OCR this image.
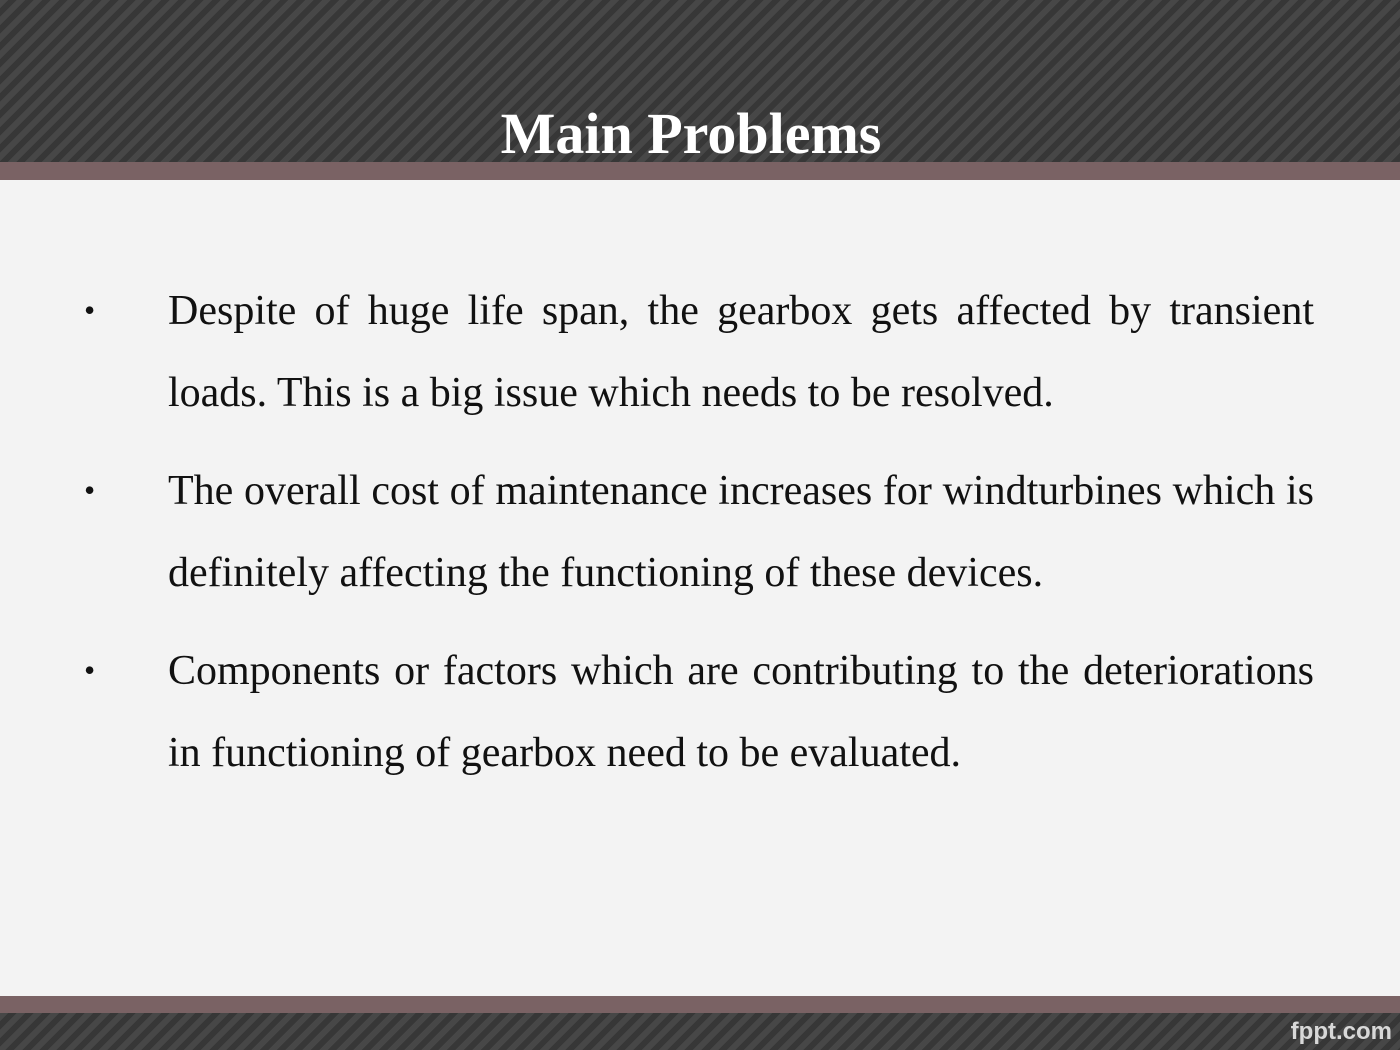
Main Problems
• Despite of huge life span, the gearbox gets affected by transient loads. This is a big issue which needs to be resolved.
• The overall cost of maintenance increases for windturbines which is definitely affecting the functioning of these devices.
• Components or factors which are contributing to the deteriorations in functioning of gearbox need to be evaluated.
fppt.com
